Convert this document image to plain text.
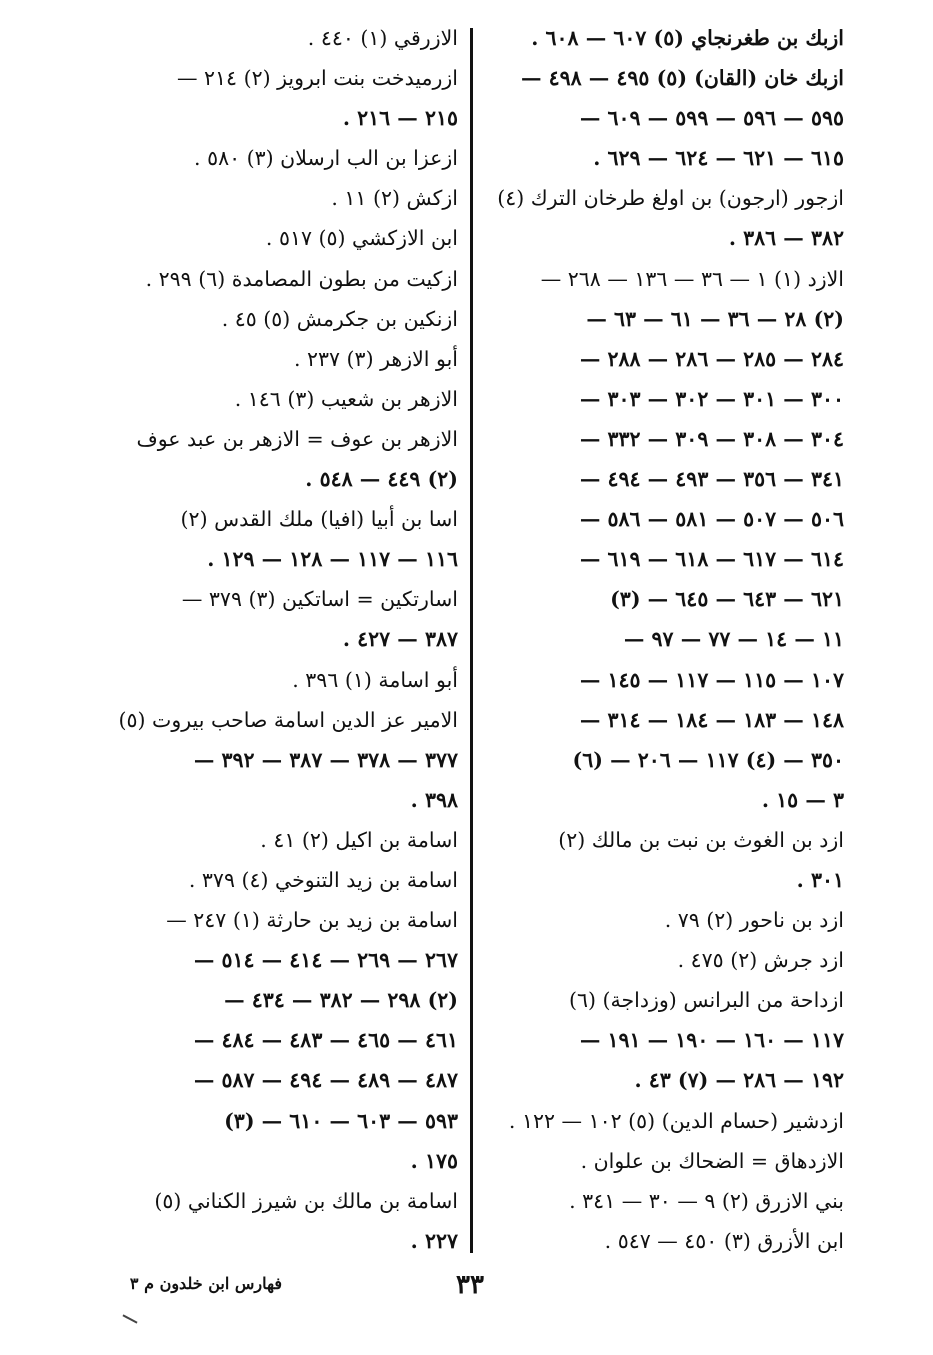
ازبك بن طغرنجاي (٥) ٦٠٧ — ٦٠٨ .
ازبك خان (القان) (٥) ٤٩٥ — ٤٩٨ —
٥٩٥ — ٥٩٦ — ٥٩٩ — ٦٠٩ —
٦١٥ — ٦٢١ — ٦٢٤ — ٦٢٩ .
ازجور (ارجون) بن اولغ طرخان الترك (٤)
٣٨٢ — ٣٨٦ .
الازد (١) ١ — ٣٦ — ١٣٦ — ٢٦٨ —
(٢) ٢٨ — ٣٦ — ٦١ — ٦٣ —
٢٨٤ — ٢٨٥ — ٢٨٦ — ٢٨٨ —
٣٠٠ — ٣٠١ — ٣٠٢ — ٣٠٣ —
٣٠٤ — ٣٠٨ — ٣٠٩ — ٣٣٢ —
٣٤١ — ٣٥٦ — ٤٩٣ — ٤٩٤ —
٥٠٦ — ٥٠٧ — ٥٨١ — ٥٨٦ —
٦١٤ — ٦١٧ — ٦١٨ — ٦١٩ —
٦٢١ — ٦٤٣ — ٦٤٥ — (٣)
١١ — ١٤ — ٧٧ — ٩٧ —
١٠٧ — ١١٥ — ١١٧ — ١٤٥ —
١٤٨ — ١٨٣ — ١٨٤ — ٣١٤ —
٣٥٠ — (٤) ١١٧ — ٢٠٦ — (٦)
٣ — ١٥ .
ازد بن الغوث بن نبت بن مالك (٢)
٣٠١ .
ازد بن ناحور (٢) ٧٩ .
ازد جرش (٢) ٤٧٥ .
ازداحة من البرانس (وزداجة) (٦)
١١٧ — ١٦٠ — ١٩٠ — ١٩١ —
١٩٢ — ٢٨٦ — (٧) ٤٣ .
ازدشير (حسام الدين) (٥) ١٠٢ — ١٢٢ .
الازدهاق = الضحاك بن علوان .
بني الازرق (٢) ٩ — ٣٠ — ٣٤١ .
ابن الأزرق (٣) ٤٥٠ — ٥٤٧ .
الازرقي (١) ٤٤٠ .
ازرميدخت بنت ابرويز (٢) ٢١٤ —
٢١٥ — ٢١٦ .
ازعزا بن الب ارسلان (٣) ٥٨٠ .
ازكش (٢) ١١ .
ابن الازكشي (٥) ٥١٧ .
ازكيت من بطون المصامدة (٦) ٢٩٩ .
ازنكين بن جكرمش (٥) ٤٥ .
أبو الازهر (٣) ٢٣٧ .
الازهر بن شعيب (٣) ١٤٦ .
الازهر بن عوف = الازهر بن عبد عوف
(٢) ٤٤٩ — ٥٤٨ .
اسا بن أبيا (افيا) ملك القدس (٢)
١١٦ — ١١٧ — ١٢٨ — ١٢٩ .
اسارتكين = اساتكين (٣) ٣٧٩ —
٣٨٧ — ٤٢٧ .
أبو اسامة (١) ٣٩٦ .
الامير عز الدين اسامة صاحب بيروت (٥)
٣٧٧ — ٣٧٨ — ٣٨٧ — ٣٩٢ —
٣٩٨ .
اسامة بن اكيل (٢) ٤١ .
اسامة بن زيد التنوخي (٤) ٣٧٩ .
اسامة بن زيد بن حارثة (١) ٢٤٧ —
٢٦٧ — ٢٦٩ — ٤١٤ — ٥١٤ —
(٢) ٢٩٨ — ٣٨٢ — ٤٣٤ —
٤٦١ — ٤٦٥ — ٤٨٣ — ٤٨٤ —
٤٨٧ — ٤٨٩ — ٤٩٤ — ٥٨٧ —
٥٩٣ — ٦٠٣ — ٦١٠ — (٣)
١٧٥ .
اسامة بن مالك بن شيرز الكناني (٥)
٢٢٧ .
٣٣
فهارس ابن خلدون م ٣
